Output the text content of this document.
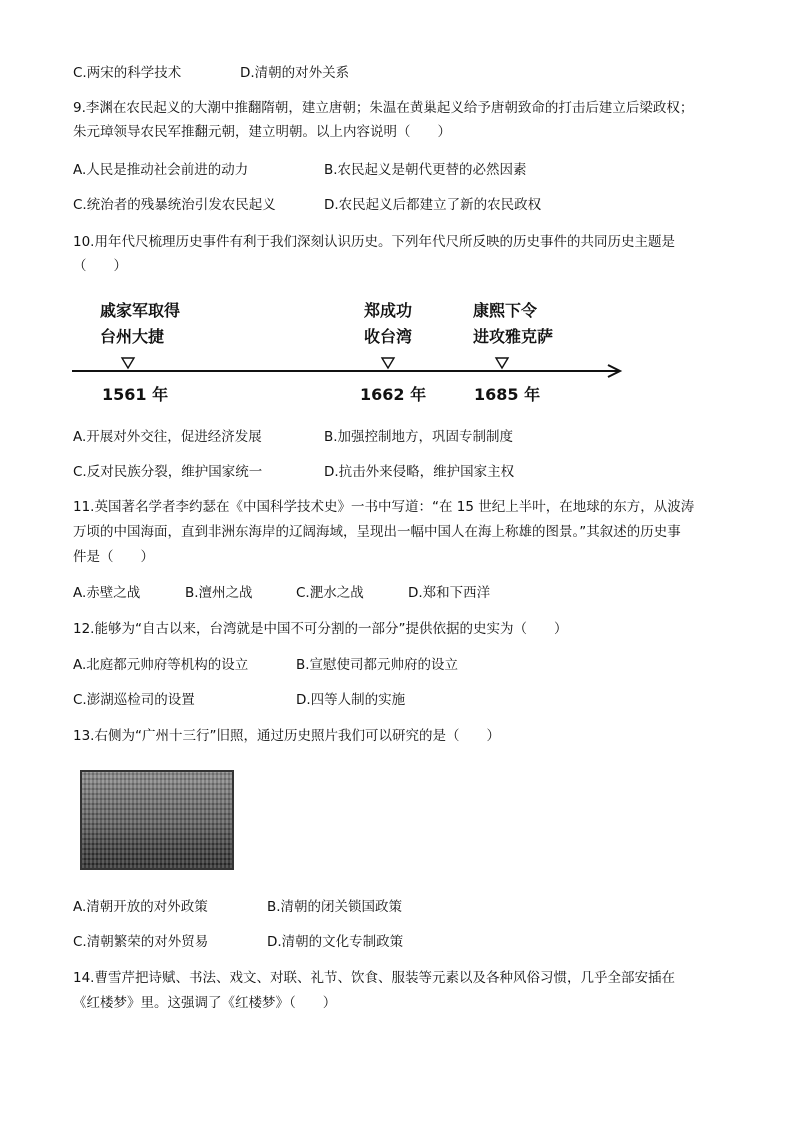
C.两宋的科学技术	D.清朝的对外关系
9.李渊在农民起义的大潮中推翻隋朝，建立唐朝；朱温在黄巢起义给予唐朝致命的打击后建立后梁政权；
朱元璋领导农民军推翻元朝，建立明朝。以上内容说明（　　）
A.人民是推动社会前进的动力	B.农民起义是朝代更替的必然因素
C.统治者的残暴统治引发农民起义	D.农民起义后都建立了新的农民政权
10.用年代尺梳理历史事件有利于我们深刻认识历史。下列年代尺所反映的历史事件的共同历史主题是
（　　）
戚家军取得
台州大捷
郑成功
收台湾
康熙下令
进攻雅克萨
1561 年	1662 年	1685 年
A.开展对外交往，促进经济发展	B.加强控制地方，巩固专制制度
C.反对民族分裂，维护国家统一	D.抗击外来侵略，维护国家主权
11.英国著名学者李约瑟在《中国科学技术史》一书中写道：“在 15 世纪上半叶，在地球的东方，从波涛
万顷的中国海面，直到非洲东海岸的辽阔海域，呈现出一幅中国人在海上称雄的图景。”其叙述的历史事
件是（　　）
A.赤壁之战	B.澶州之战	C.淝水之战	D.郑和下西洋
12.能够为“自古以来，台湾就是中国不可分割的一部分”提供依据的史实为（　　）
A.北庭都元帅府等机构的设立	B.宣慰使司都元帅府的设立
C.澎湖巡检司的设置	D.四等人制的实施
13.右侧为“广州十三行”旧照，通过历史照片我们可以研究的是（　　）
A.清朝开放的对外政策	B.清朝的闭关锁国政策
C.清朝繁荣的对外贸易	D.清朝的文化专制政策
14.曹雪芹把诗赋、书法、戏文、对联、礼节、饮食、服装等元素以及各种风俗习惯，几乎全部安插在
《红楼梦》里。这强调了《红楼梦》（　　）
